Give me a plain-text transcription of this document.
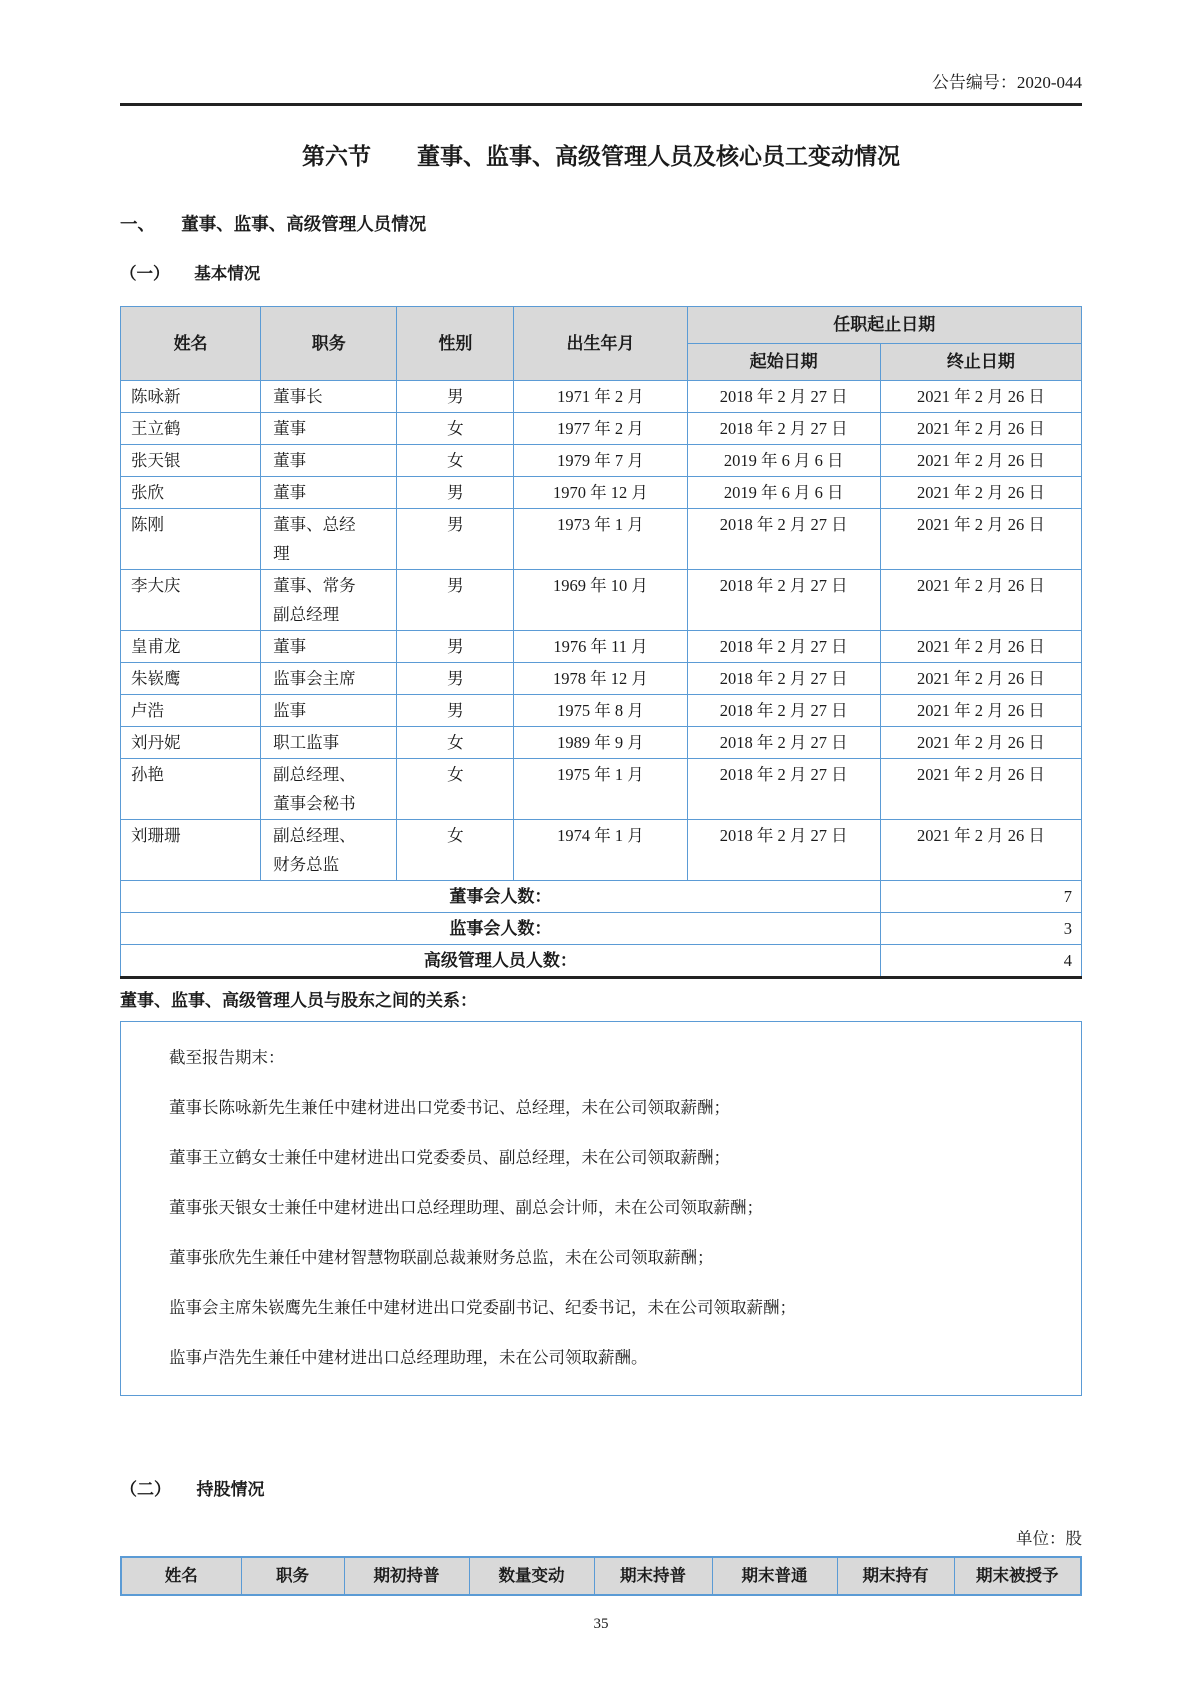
公告编号：2020-044
第六节　　董事、监事、高级管理人员及核心员工变动情况
一、　　董事、监事、高级管理人员情况
（一）　　基本情况
姓名	职务	性别	出生年月	任职起止日期	
				起始日期	终止日期
陈咏新	董事长	男	1971 年 2 月	2018 年 2 月 27 日	2021 年 2 月 26 日
王立鹤	董事	女	1977 年 2 月	2018 年 2 月 27 日	2021 年 2 月 26 日
张天银	董事	女	1979 年 7 月	2019 年 6 月 6 日	2021 年 2 月 26 日
张欣	董事	男	1970 年 12 月	2019 年 6 月 6 日	2021 年 2 月 26 日
陈刚	董事、总经理	男	1973 年 1 月	2018 年 2 月 27 日	2021 年 2 月 26 日
李大庆	董事、常务副总经理	男	1969 年 10 月	2018 年 2 月 27 日	2021 年 2 月 26 日
皇甫龙	董事	男	1976 年 11 月	2018 年 2 月 27 日	2021 年 2 月 26 日
朱嵚鹰	监事会主席	男	1978 年 12 月	2018 年 2 月 27 日	2021 年 2 月 26 日
卢浩	监事	男	1975 年 8 月	2018 年 2 月 27 日	2021 年 2 月 26 日
刘丹妮	职工监事	女	1989 年 9 月	2018 年 2 月 27 日	2021 年 2 月 26 日
孙艳	副总经理、董事会秘书	女	1975 年 1 月	2018 年 2 月 27 日	2021 年 2 月 26 日
刘珊珊	副总经理、财务总监	女	1974 年 1 月	2018 年 2 月 27 日	2021 年 2 月 26 日
董事会人数：					7
监事会人数：					3
高级管理人员人数：					4
董事、监事、高级管理人员与股东之间的关系：

截至报告期末：

董事长陈咏新先生兼任中建材进出口党委书记、总经理，未在公司领取薪酬；

董事王立鹤女士兼任中建材进出口党委委员、副总经理，未在公司领取薪酬；

董事张天银女士兼任中建材进出口总经理助理、副总会计师，未在公司领取薪酬；

董事张欣先生兼任中建材智慧物联副总裁兼财务总监，未在公司领取薪酬；

监事会主席朱嵚鹰先生兼任中建材进出口党委副书记、纪委书记，未在公司领取薪酬；

监事卢浩先生兼任中建材进出口总经理助理，未在公司领取薪酬。

（二）　　持股情况
单位：股
姓名	职务	期初持普	数量变动	期末持普	期末普通	期末持有	期末被授予
35
